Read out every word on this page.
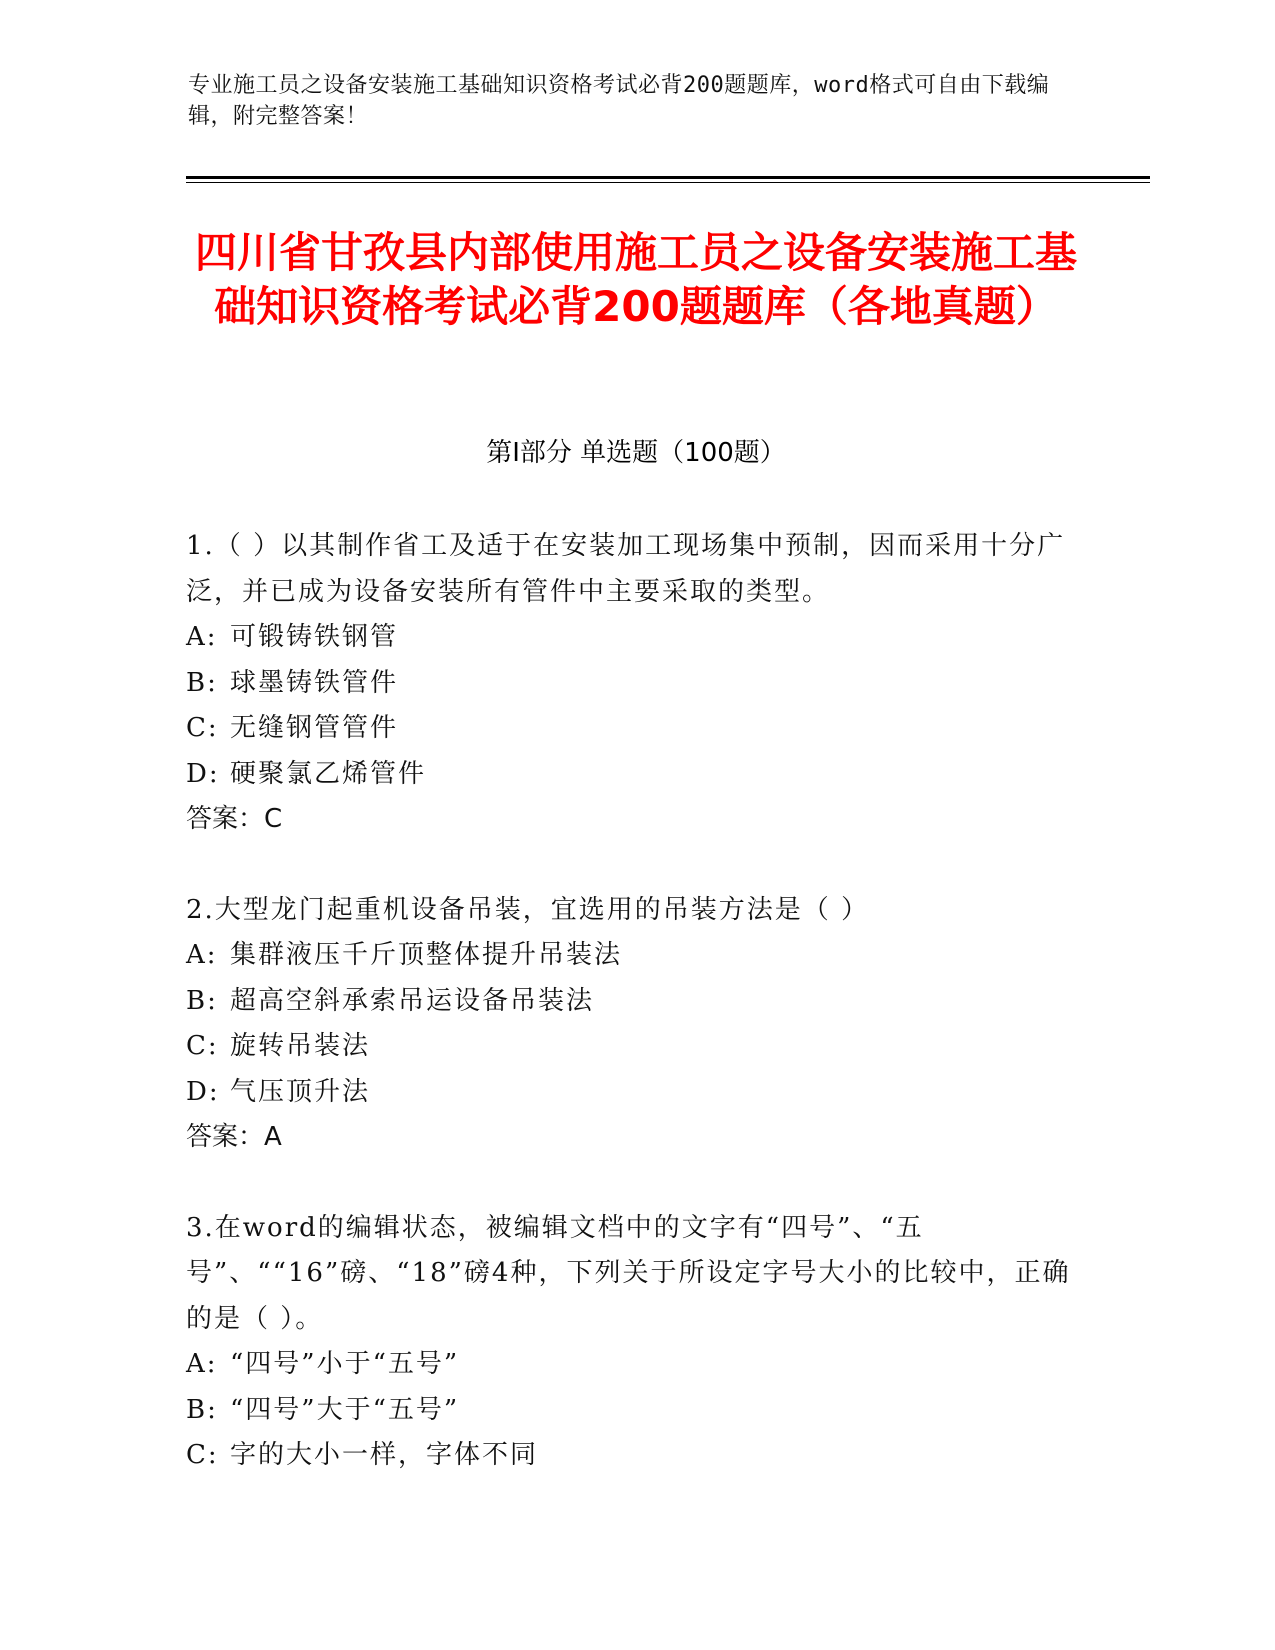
专业施工员之设备安装施工基础知识资格考试必背200题题库，word格式可自由下载编辑，附完整答案！
四川省甘孜县内部使用施工员之设备安装施工基础知识资格考试必背200题题库（各地真题）
第Ⅰ部分 单选题（100题）

1.（ ）以其制作省工及适于在安装加工现场集中预制，因而采用十分广泛，并已成为设备安装所有管件中主要采取的类型。

A: 可锻铸铁钢管

B: 球墨铸铁管件

C: 无缝钢管管件

D: 硬聚氯乙烯管件

答案：C

2.大型龙门起重机设备吊装，宜选用的吊装方法是（ ）

A: 集群液压千斤顶整体提升吊装法

B: 超高空斜承索吊运设备吊装法

C: 旋转吊装法

D: 气压顶升法

答案：A

3.在word的编辑状态，被编辑文档中的文字有“四号”、“五号”、““16”磅、“18”磅4种，下列关于所设定字号大小的比较中，正确的是（ ）。

A: “四号”小于“五号”

B: “四号”大于“五号”

C: 字的大小一样，字体不同
